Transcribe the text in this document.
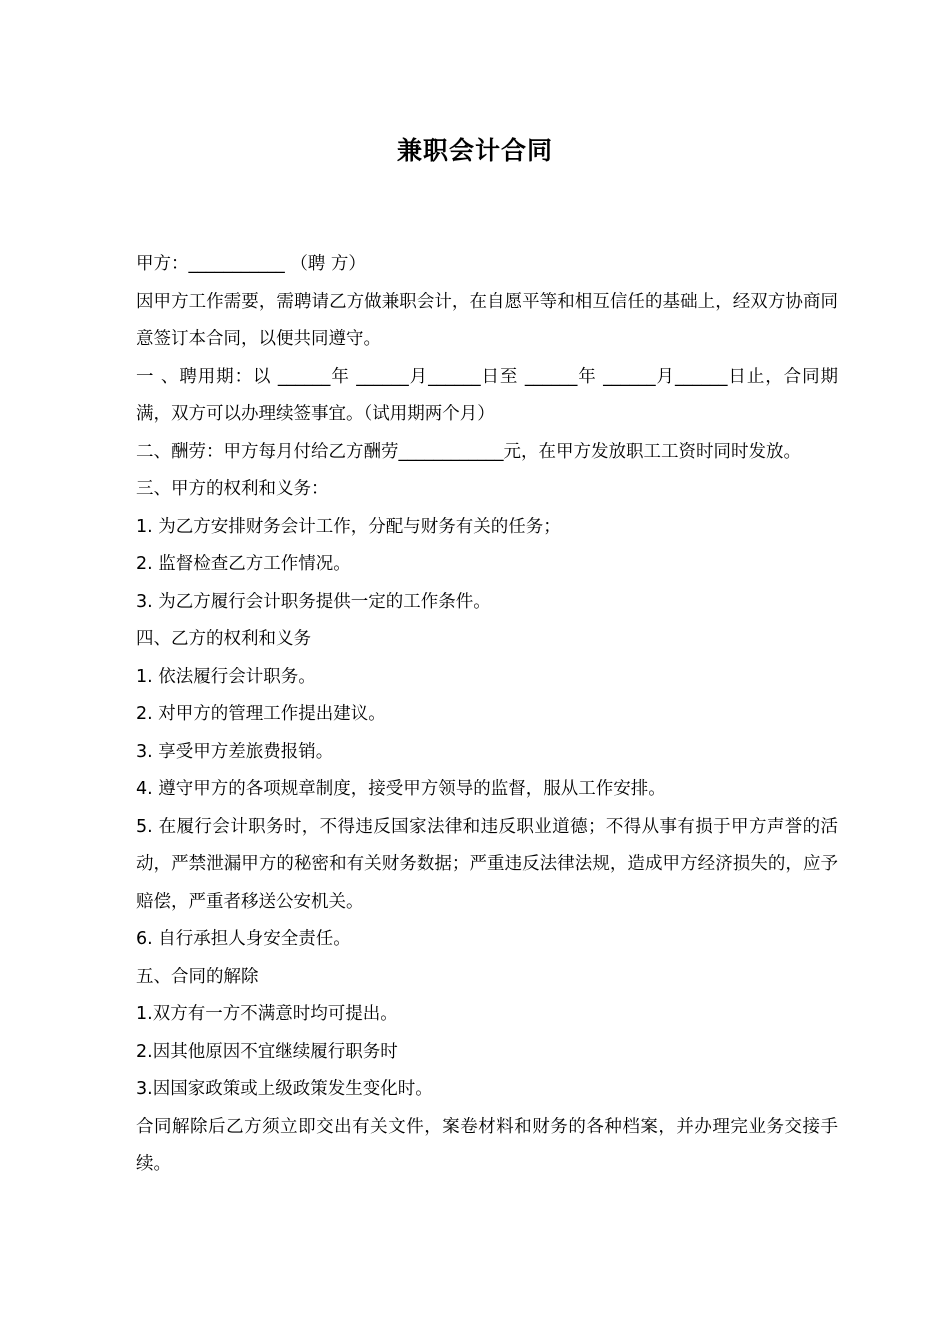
兼职会计合同

甲方：___________ （聘 方）

因甲方工作需要，需聘请乙方做兼职会计，在自愿平等和相互信任的基础上，经双方协商同意签订本合同，以便共同遵守。

一 、聘用期：以 ______年 ______月______日至 ______年 ______月______日止，合同期满，双方可以办理续签事宜。（试用期两个月）

二、酬劳：甲方每月付给乙方酬劳____________元，在甲方发放职工工资时同时发放。

三、甲方的权利和义务：

1. 为乙方安排财务会计工作，分配与财务有关的任务；

2. 监督检查乙方工作情况。

3. 为乙方履行会计职务提供一定的工作条件。

四、乙方的权利和义务

1. 依法履行会计职务。

2. 对甲方的管理工作提出建议。

3. 享受甲方差旅费报销。

4. 遵守甲方的各项规章制度，接受甲方领导的监督，服从工作安排。

5. 在履行会计职务时，不得违反国家法律和违反职业道德；不得从事有损于甲方声誉的活动，严禁泄漏甲方的秘密和有关财务数据；严重违反法律法规，造成甲方经济损失的，应予赔偿，严重者移送公安机关。

6. 自行承担人身安全责任。

五、合同的解除

1.双方有一方不满意时均可提出。

2.因其他原因不宜继续履行职务时

3.因国家政策或上级政策发生变化时。

合同解除后乙方须立即交出有关文件，案卷材料和财务的各种档案，并办理完业务交接手续。
